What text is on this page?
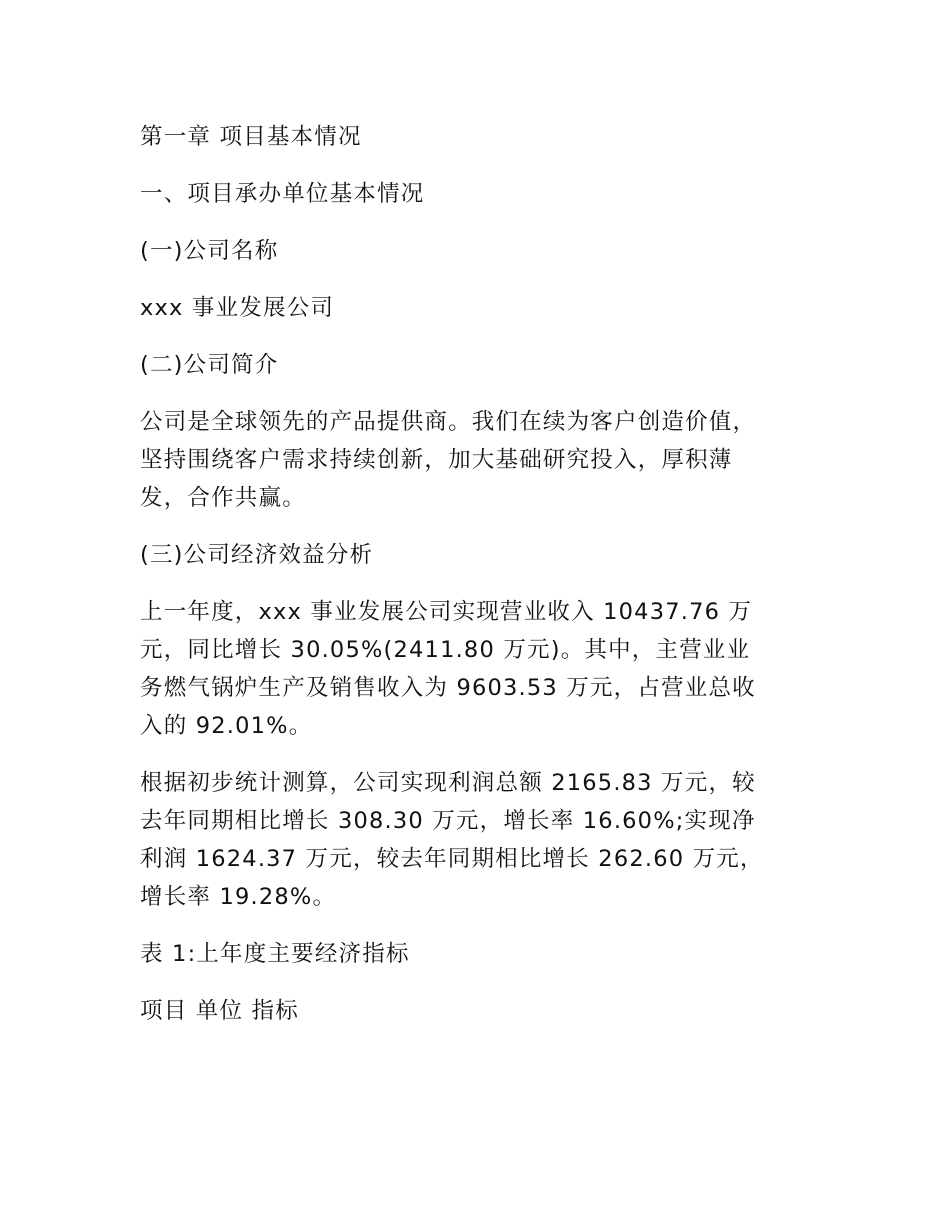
第一章 项目基本情况

一、项目承办单位基本情况

(一)公司名称

xxx 事业发展公司

(二)公司简介

公司是全球领先的产品提供商。我们在续为客户创造价值，

坚持围绕客户需求持续创新，加大基础研究投入，厚积薄

发，合作共赢。

(三)公司经济效益分析

上一年度，xxx 事业发展公司实现营业收入 10437.76 万

元，同比增长 30.05%(2411.80 万元)。其中，主营业业

务燃气锅炉生产及销售收入为 9603.53 万元，占营业总收

入的 92.01%。

根据初步统计测算，公司实现利润总额 2165.83 万元，较

去年同期相比增长 308.30 万元，增长率 16.60%;实现净

利润 1624.37 万元，较去年同期相比增长 262.60 万元，

增长率 19.28%。

表 1:上年度主要经济指标

项目 单位 指标
